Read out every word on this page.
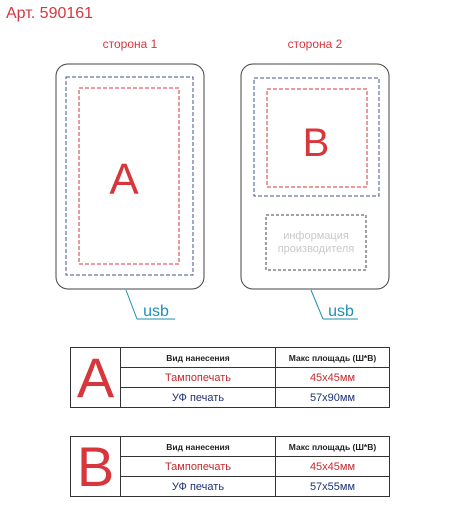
Арт. 590161
сторона 1	сторона 2
A
usb
B
информация
производителя
usb
A	Вид нанесения	Макс площадь (Ш*В)
	Тампопечать	45x45мм
	УФ печать	57x90мм
B	Вид нанесения	Макс площадь (Ш*В)
	Тампопечать	45x45мм
	УФ печать	57x55мм
